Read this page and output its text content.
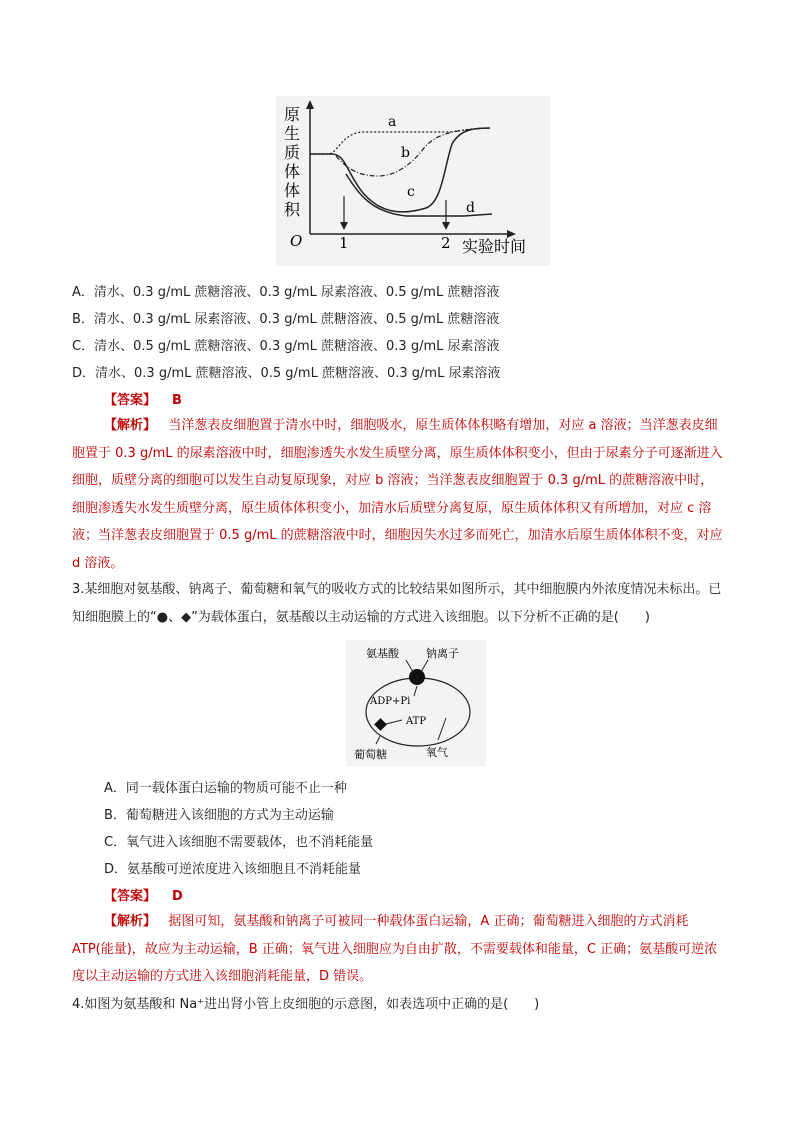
a
b
c
d
原
生
质
体
体
积
O 1	2 实验时间
A．清水、0.3 g/mL 蔗糖溶液、0.3 g/mL 尿素溶液、0.5 g/mL 蔗糖溶液
B．清水、0.3 g/mL 尿素溶液、0.3 g/mL 蔗糖溶液、0.5 g/mL 蔗糖溶液
C．清水、0.5 g/mL 蔗糖溶液、0.3 g/mL 蔗糖溶液、0.3 g/mL 尿素溶液
D．清水、0.3 g/mL 蔗糖溶液、0.5 g/mL 蔗糖溶液、0.3 g/mL 尿素溶液
【答案】 B
【解析】 当洋葱表皮细胞置于清水中时，细胞吸水，原生质体体积略有增加，对应 a 溶液；当洋葱表皮细胞置于 0.3 g/mL 的尿素溶液中时，细胞渗透失水发生质壁分离，原生质体体积变小，但由于尿素分子可逐渐进入细胞，质壁分离的细胞可以发生自动复原现象，对应 b 溶液；当洋葱表皮细胞置于 0.3 g/mL 的蔗糖溶液中时，细胞渗透失水发生质壁分离，原生质体体积变小，加清水后质壁分离复原，原生质体体积又有所增加，对应 c 溶液；当洋葱表皮细胞置于 0.5 g/mL 的蔗糖溶液中时，细胞因失水过多而死亡，加清水后原生质体体积不变，对应 d 溶液。
3.某细胞对氨基酸、钠离子、葡萄糖和氧气的吸收方式的比较结果如图所示，其中细胞膜内外浓度情况未标出。已知细胞膜上的“●、◆”为载体蛋白，氨基酸以主动运输的方式进入该细胞。以下分析不正确的是(　　)
氨基酸 钠离子
ADP+Pi
ATP
葡萄糖	氧气
A．同一载体蛋白运输的物质可能不止一种
B．葡萄糖进入该细胞的方式为主动运输
C．氧气进入该细胞不需要载体，也不消耗能量
D．氨基酸可逆浓度进入该细胞且不消耗能量
【答案】 D
【解析】 据图可知，氨基酸和钠离子可被同一种载体蛋白运输，A 正确；葡萄糖进入细胞的方式消耗 ATP(能量)，故应为主动运输，B 正确；氧气进入细胞应为自由扩散，不需要载体和能量，C 正确；氨基酸可逆浓度以主动运输的方式进入该细胞消耗能量，D 错误。
4.如图为氨基酸和 Na⁺进出肾小管上皮细胞的示意图，如表选项中正确的是(　　)
